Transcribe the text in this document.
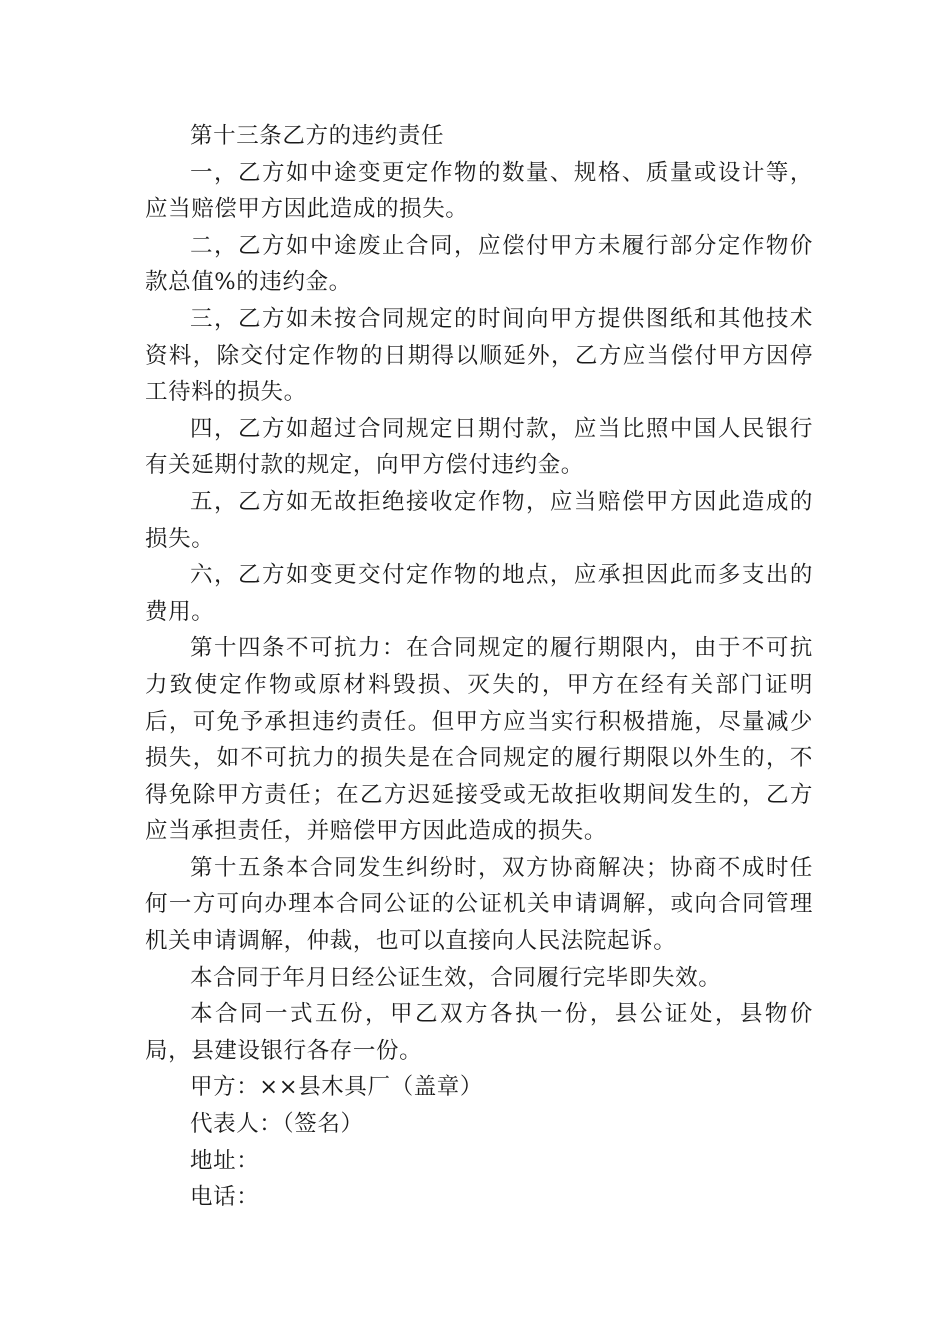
第十三条乙方的违约责任

一，乙方如中途变更定作物的数量、规格、质量或设计等，应当赔偿甲方因此造成的损失。

二，乙方如中途废止合同，应偿付甲方未履行部分定作物价款总值%的违约金。

三，乙方如未按合同规定的时间向甲方提供图纸和其他技术资料，除交付定作物的日期得以顺延外，乙方应当偿付甲方因停工待料的损失。

四，乙方如超过合同规定日期付款，应当比照中国人民银行有关延期付款的规定，向甲方偿付违约金。

五，乙方如无故拒绝接收定作物，应当赔偿甲方因此造成的损失。

六，乙方如变更交付定作物的地点，应承担因此而多支出的费用。

第十四条不可抗力：在合同规定的履行期限内，由于不可抗力致使定作物或原材料毁损、灭失的，甲方在经有关部门证明后，可免予承担违约责任。但甲方应当实行积极措施，尽量减少损失，如不可抗力的损失是在合同规定的履行期限以外生的，不得免除甲方责任；在乙方迟延接受或无故拒收期间发生的，乙方应当承担责任，并赔偿甲方因此造成的损失。

第十五条本合同发生纠纷时，双方协商解决；协商不成时任何一方可向办理本合同公证的公证机关申请调解，或向合同管理机关申请调解，仲裁，也可以直接向人民法院起诉。

本合同于年月日经公证生效，合同履行完毕即失效。

本合同一式五份，甲乙双方各执一份，县公证处，县物价局，县建设银行各存一份。

甲方：××县木具厂（盖章）

代表人：（签名）

地址：

电话：
